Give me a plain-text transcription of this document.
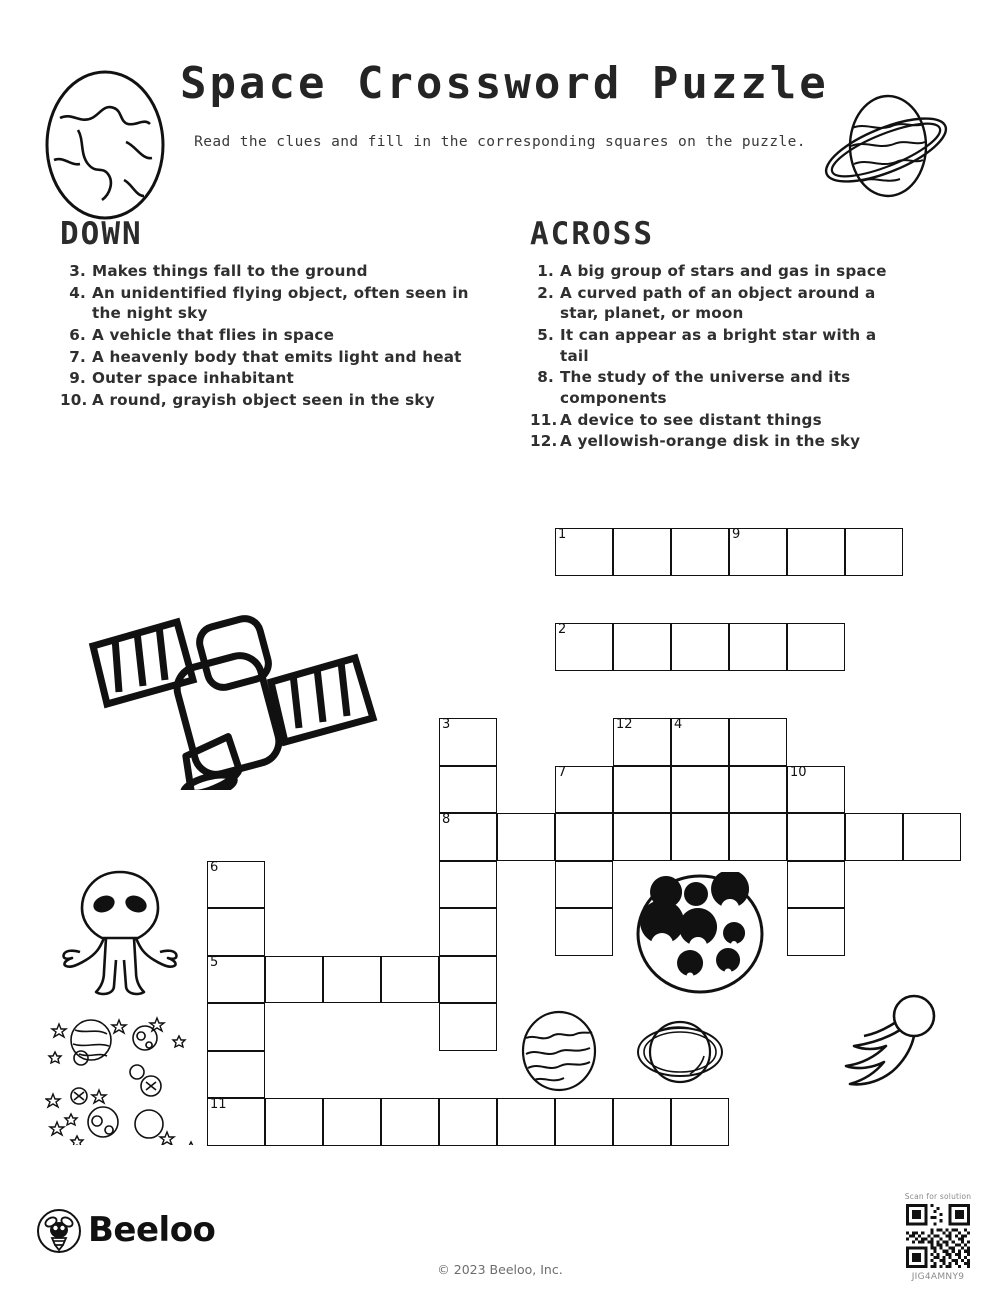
Space Crossword Puzzle
Read the clues and fill in the corresponding squares on the puzzle.
DOWN
3. Makes things fall to the ground
4. An unidentified flying object, often seen in the night sky
6. A vehicle that flies in space
7. A heavenly body that emits light and heat
9. Outer space inhabitant
10. A round, grayish object seen in the sky
ACROSS
1. A big group of stars and gas in space
2. A curved path of an object around a star, planet, or moon
5. It can appear as a bright star with a tail
8. The study of the universe and its components
11. A device to see distant things
12. A yellowish-orange disk in the sky
1	9
2
3	12	4
7	10
8
6
5
11
Beeloo
© 2023 Beeloo, Inc.
Scan for solution
JIG4AMNY9
